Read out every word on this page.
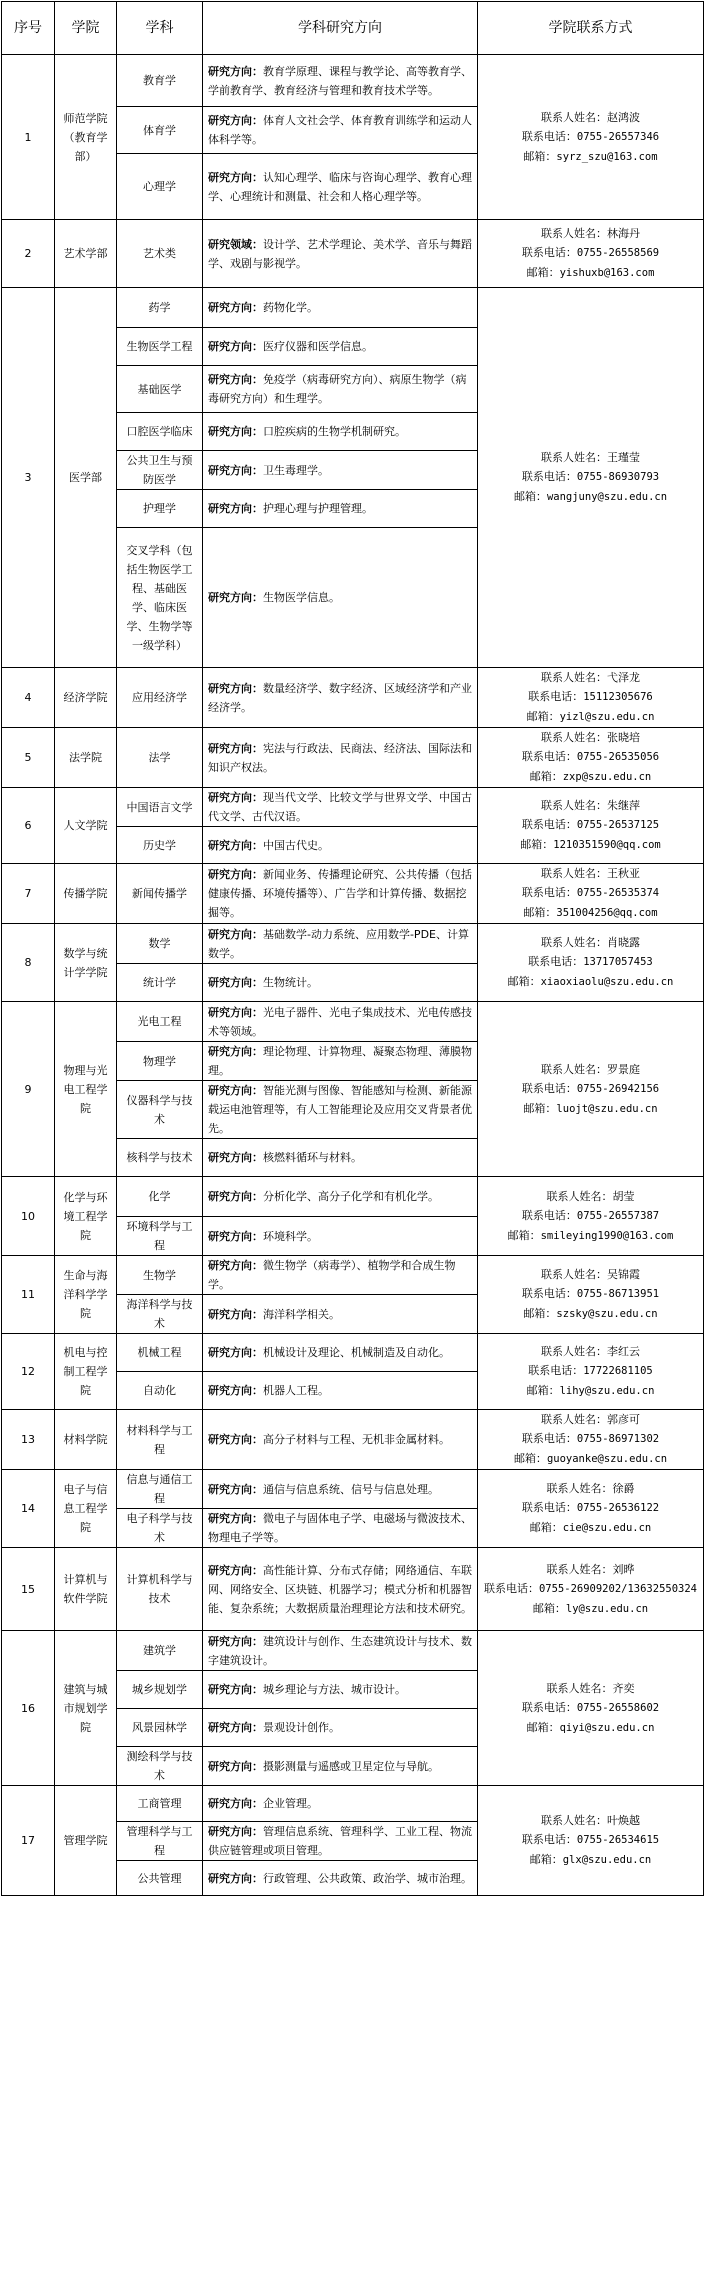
序号	学院	学科	学科研究方向	学院联系方式
1	师范学院（教育学部）	教育学	研究方向：教育学原理、课程与教学论、高等教育学、学前教育学、教育经济与管理和教育技术学等。	联系人姓名：赵鸿波
联系电话：0755-26557346
邮箱：syrz_szu@163.com

		体育学	研究方向：体育人文社会学、体育教育训练学和运动人体科学等。	
		心理学	研究方向：认知心理学、临床与咨询心理学、教育心理学、心理统计和测量、社会和人格心理学等。	
2	艺术学部	艺术类	研究领域：设计学、艺术学理论、美术学、音乐与舞蹈学、戏剧与影视学。	联系人姓名：林海丹
联系电话：0755-26558569
邮箱：yishuxb@163.com

3	医学部	药学	研究方向：药物化学。	联系人姓名：王瑾莹
联系电话：0755-86930793
邮箱：wangjuny@szu.edu.cn

		生物医学工程	研究方向：医疗仪器和医学信息。	
		基础医学	研究方向：免疫学（病毒研究方向）、病原生物学（病毒研究方向）和生理学。	
		口腔医学临床	研究方向：口腔疾病的生物学机制研究。	
		公共卫生与预防医学	研究方向：卫生毒理学。	
		护理学	研究方向：护理心理与护理管理。	
		交叉学科（包括生物医学工程、基础医学、临床医学、生物学等一级学科）	研究方向：生物医学信息。	
4	经济学院	应用经济学	研究方向：数量经济学、数字经济、区域经济学和产业经济学。	联系人姓名：弋泽龙
联系电话：15112305676
邮箱：yizl@szu.edu.cn

5	法学院	法学	研究方向：宪法与行政法、民商法、经济法、国际法和知识产权法。	联系人姓名：张晓培
联系电话：0755-26535056
邮箱：zxp@szu.edu.cn

6	人文学院	中国语言文学	研究方向：现当代文学、比较文学与世界文学、中国古代文学、古代汉语。	联系人姓名：朱继萍
联系电话：0755-26537125
邮箱：1210351590@qq.com

		历史学	研究方向：中国古代史。	
7	传播学院	新闻传播学	研究方向：新闻业务、传播理论研究、公共传播（包括健康传播、环境传播等）、广告学和计算传播、数据挖掘等。	联系人姓名：王秋亚
联系电话：0755-26535374
邮箱：351004256@qq.com

8	数学与统计学学院	数学	研究方向：基础数学-动力系统、应用数学-PDE、计算数学。	联系人姓名：肖晓露
联系电话：13717057453
邮箱：xiaoxiaolu@szu.edu.cn

		统计学	研究方向：生物统计。	
9	物理与光电工程学院	光电工程	研究方向：光电子器件、光电子集成技术、光电传感技术等领域。	联系人姓名：罗景庭
联系电话：0755-26942156
邮箱：luojt@szu.edu.cn

		物理学	研究方向：理论物理、计算物理、凝聚态物理、薄膜物理。	
		仪器科学与技术	研究方向：智能光测与图像、智能感知与检测、新能源载运电池管理等，有人工智能理论及应用交叉背景者优先。	
		核科学与技术	研究方向：核燃料循环与材料。	
10	化学与环境工程学院	化学	研究方向：分析化学、高分子化学和有机化学。	联系人姓名：胡莹
联系电话：0755-26557387
邮箱：smileying1990@163.com

		环境科学与工程	研究方向：环境科学。	
11	生命与海洋科学学院	生物学	研究方向：微生物学（病毒学）、植物学和合成生物学。	联系人姓名：吴锦霞
联系电话：0755-86713951
邮箱：szsky@szu.edu.cn

		海洋科学与技术	研究方向：海洋科学相关。	
12	机电与控制工程学院	机械工程	研究方向：机械设计及理论、机械制造及自动化。	联系人姓名：李红云
联系电话：17722681105
邮箱：lihy@szu.edu.cn

		自动化	研究方向：机器人工程。	
13	材料学院	材料科学与工程	研究方向：高分子材料与工程、无机非金属材料。	联系人姓名：郭彦可
联系电话：0755-86971302
邮箱：guoyanke@szu.edu.cn

14	电子与信息工程学院	信息与通信工程	研究方向：通信与信息系统、信号与信息处理。	联系人姓名：徐爵
联系电话：0755-26536122
邮箱：cie@szu.edu.cn

		电子科学与技术	研究方向：微电子与固体电子学、电磁场与微波技术、物理电子学等。	
15	计算机与软件学院	计算机科学与技术	研究方向：高性能计算、分布式存储；网络通信、车联网、网络安全、区块链、机器学习；模式分析和机器智能、复杂系统；大数据质量治理理论方法和技术研究。	联系人姓名：刘晔
联系电话：0755-26909202/13632550324
邮箱：ly@szu.edu.cn

16	建筑与城市规划学院	建筑学	研究方向：建筑设计与创作、生态建筑设计与技术、数字建筑设计。	联系人姓名：齐奕
联系电话：0755-26558602
邮箱：qiyi@szu.edu.cn

		城乡规划学	研究方向：城乡理论与方法、城市设计。	
		风景园林学	研究方向：景观设计创作。	
		测绘科学与技术	研究方向：摄影测量与遥感或卫星定位与导航。	
17	管理学院	工商管理	研究方向：企业管理。	联系人姓名：叶焕越
联系电话：0755-26534615
邮箱：glx@szu.edu.cn

		管理科学与工程	研究方向：管理信息系统、管理科学、工业工程、物流供应链管理或项目管理。	
		公共管理	研究方向：行政管理、公共政策、政治学、城市治理。	
